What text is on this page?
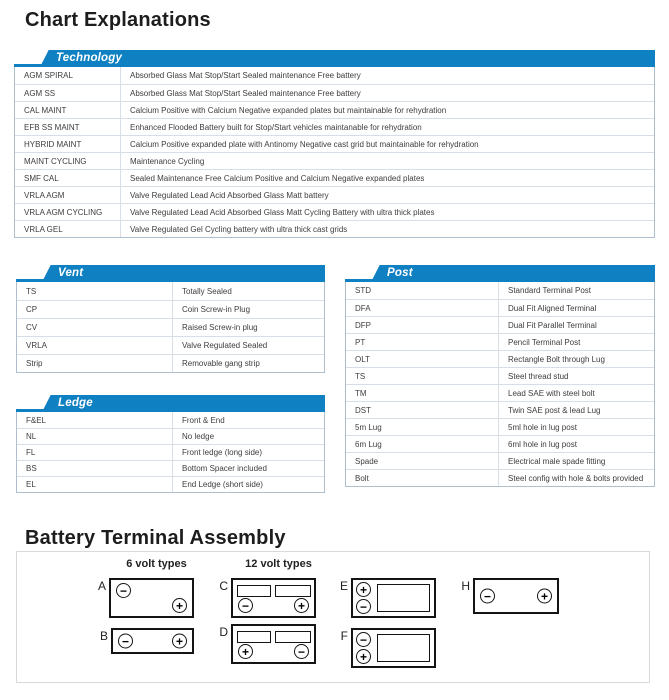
Chart Explanations
Technology
AGM SPIRAL	Absorbed Glass Mat Stop/Start Sealed maintenance Free battery
AGM SS	Absorbed Glass Mat Stop/Start Sealed maintenance Free battery
CAL MAINT	Calcium Positive with Calcium Negative expanded plates but maintainable for rehydration
EFB SS MAINT	Enhanced Flooded Battery built for Stop/Start vehicles maintanable for rehydration
HYBRID MAINT	Calcium Positive expanded plate with Antinomy Negative cast grid but maintainable for rehydration
MAINT CYCLING	Maintenance Cycling
SMF CAL	Sealed Maintenance Free Calcium Positive and Calcium Negative expanded plates
VRLA AGM	Valve Regulated Lead Acid Absorbed Glass Matt battery
VRLA AGM CYCLING	Valve Regulated Lead Acid Absorbed Glass Matt Cycling Battery with ultra thick plates
VRLA GEL	Valve Regulated Gel Cycling battery with ultra thick cast grids
Vent
TS	Totally Sealed
CP	Coin Screw-in Plug
CV	Raised Screw-in plug
VRLA	Valve Regulated Sealed
Strip	Removable gang strip
Post
STD	Standard Terminal Post
DFA	Dual Fit Aligned Terminal
DFP	Dual Fit Parallel Terminal
PT	Pencil Terminal Post
OLT	Rectangle Bolt through Lug
TS	Steel thread stud
TM	Lead SAE with steel bolt
DST	Twin SAE post & lead Lug
5m Lug	5ml hole in lug post
6m Lug	6ml hole in lug post
Spade	Electrical male spade fitting
Bolt	Steel config with hole & bolts provided
Ledge
F&EL	Front & End
NL	No ledge
FL	Front ledge (long side)
BS	Bottom Spacer included
EL	End Ledge (short side)
Battery Terminal Assembly
6 volt types	12 volt types
A	−
+
B	−	+
C
−	+
D
+	−
E +
−
F −
+
H
−	+
